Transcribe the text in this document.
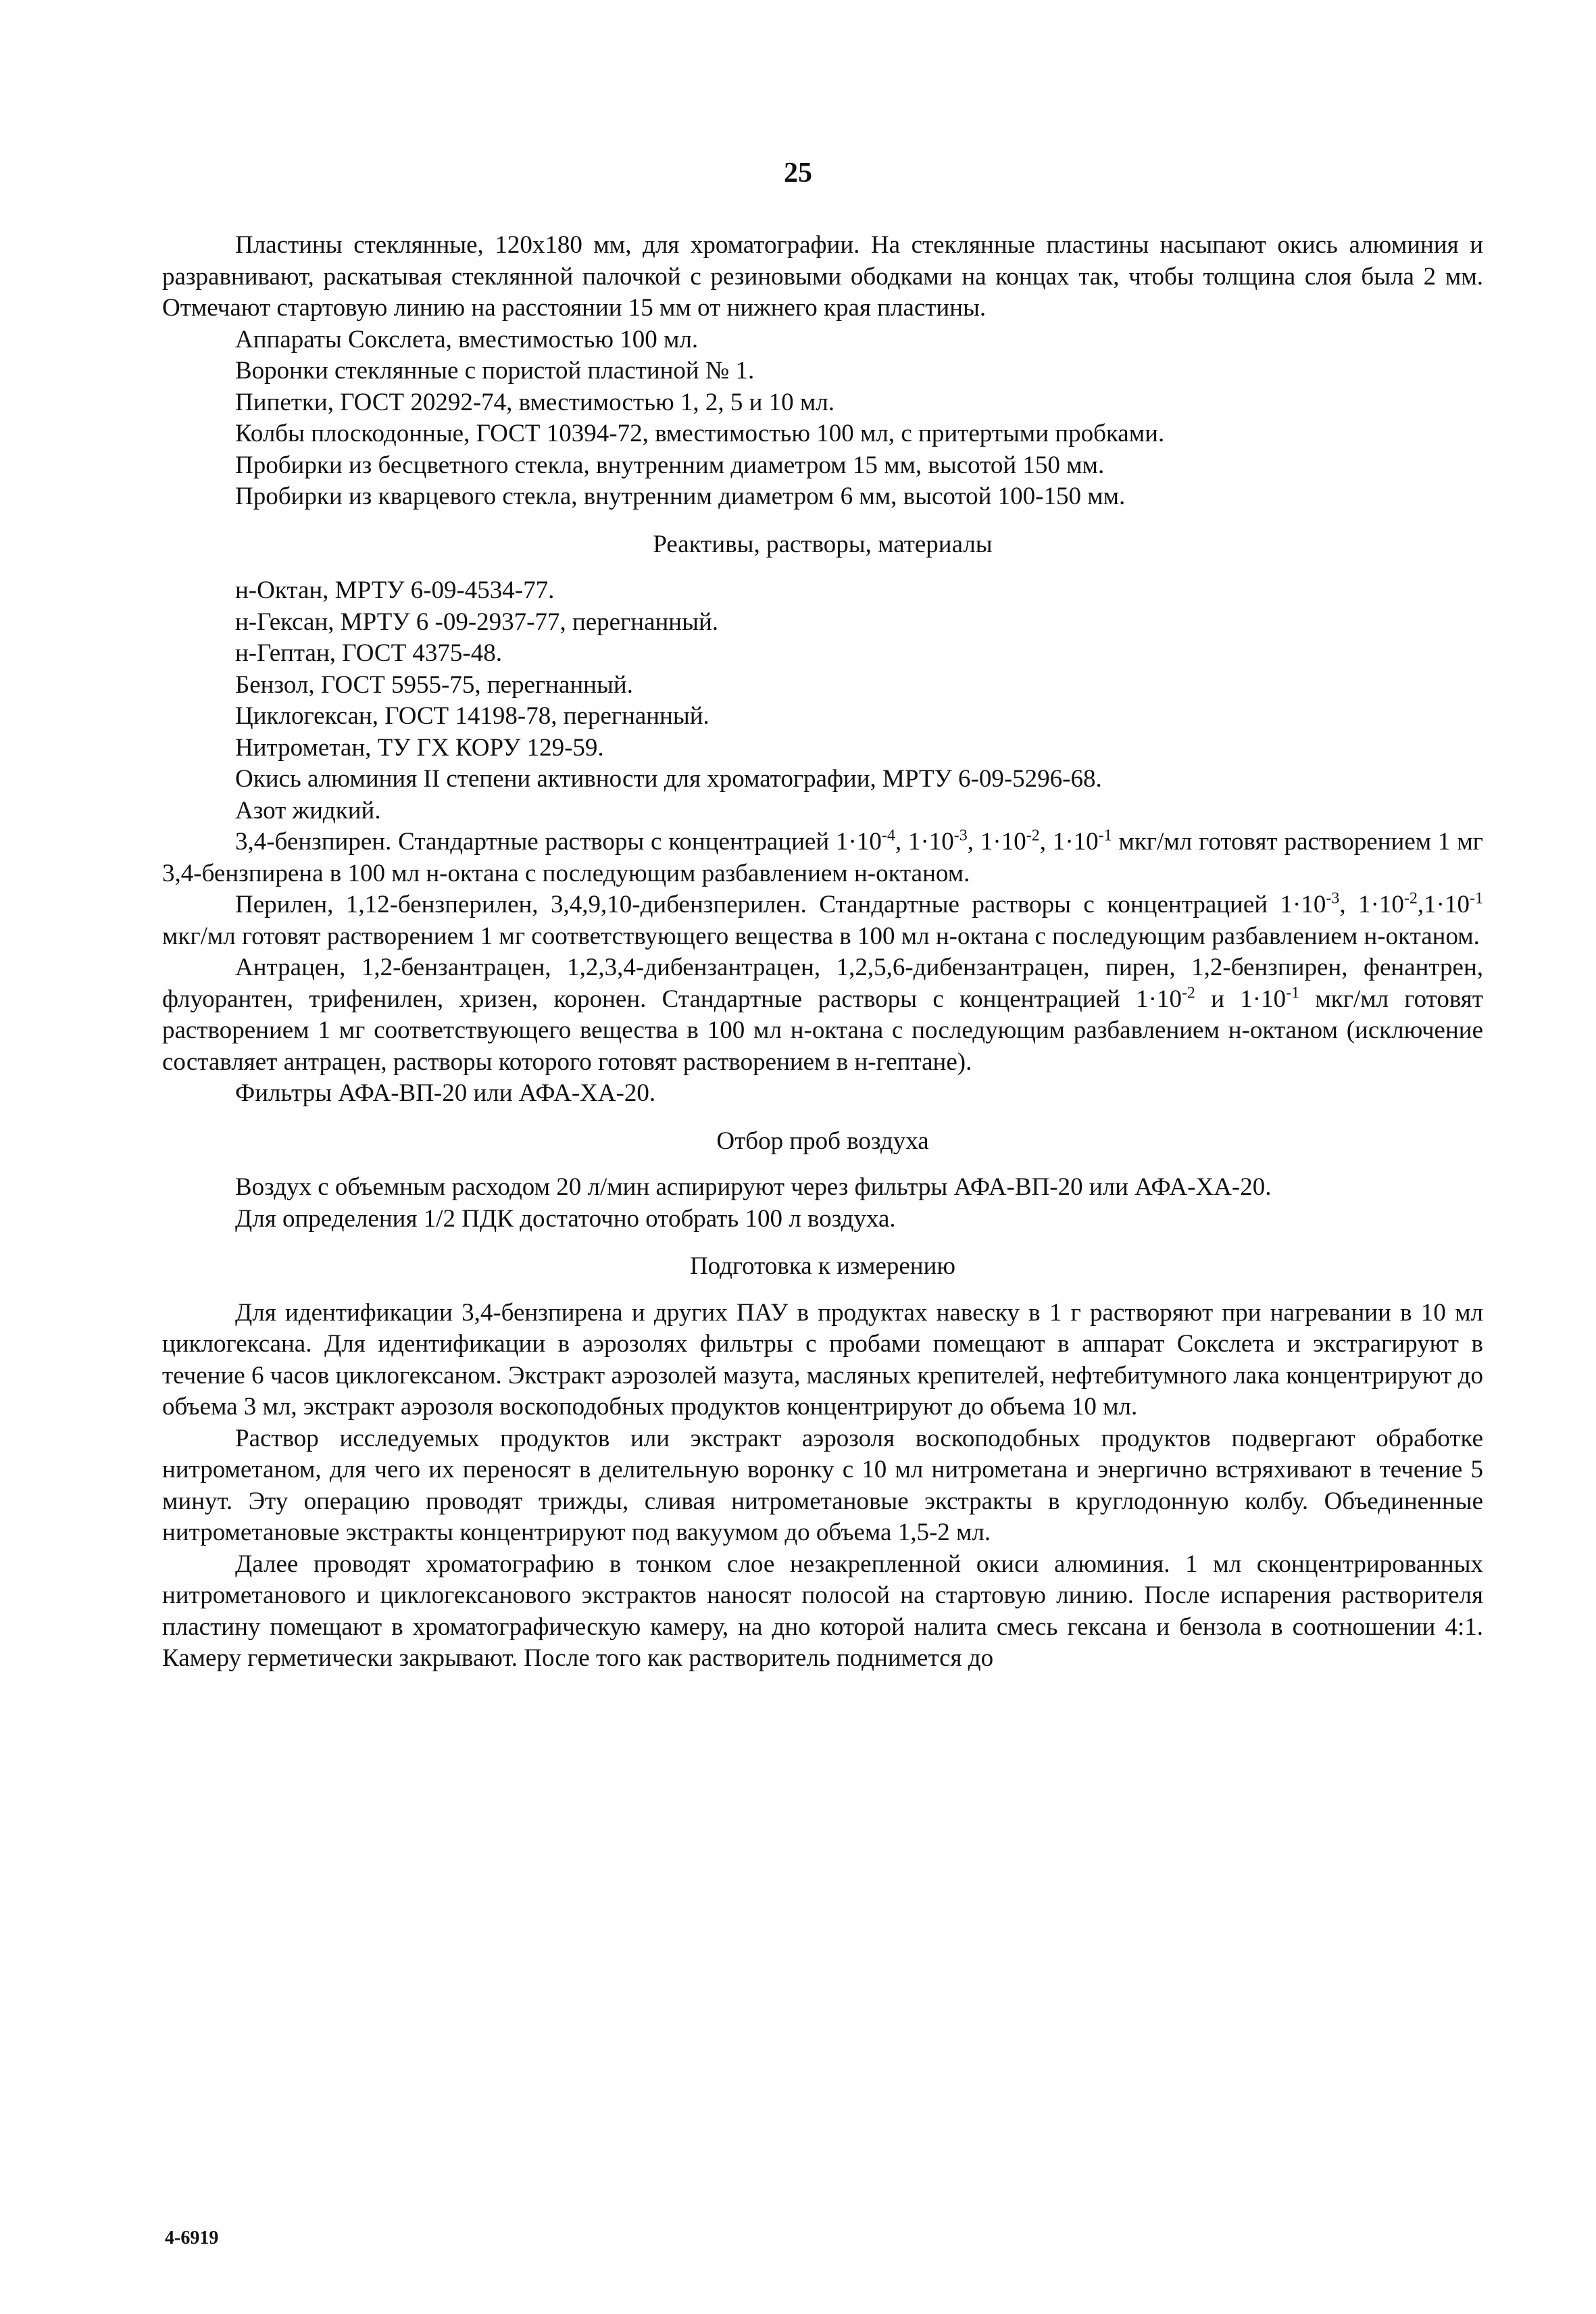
25

Пластины стеклянные, 120x180 мм, для хроматографии. На стеклянные пластины насыпают окись алюминия и разравнивают, раскатывая стеклянной палочкой с резиновыми ободками на концах так, чтобы толщина слоя была 2 мм. Отмечают стартовую линию на расстоянии 15 мм от нижнего края пластины.

Аппараты Сокслета, вместимостью 100 мл.

Воронки стеклянные с пористой пластиной № 1.

Пипетки, ГОСТ 20292-74, вместимостью 1, 2, 5 и 10 мл.

Колбы плоскодонные, ГОСТ 10394-72, вместимостью 100 мл, с притертыми пробками.

Пробирки из бесцветного стекла, внутренним диаметром 15 мм, высотой 150 мм.

Пробирки из кварцевого стекла, внутренним диаметром 6 мм, высотой 100-150 мм.

Реактивы, растворы, материалы

н-Октан, МРТУ 6-09-4534-77.

н-Гексан, МРТУ 6 -09-2937-77, перегнанный.

н-Гептан, ГОСТ 4375-48.

Бензол, ГОСТ 5955-75, перегнанный.

Циклогексан, ГОСТ 14198-78, перегнанный.

Нитрометан, ТУ ГХ КОРУ 129-59.

Окись алюминия II степени активности для хроматографии, МРТУ 6-09-5296-68.

Азот жидкий.

3,4-бензпирен. Стандартные растворы с концентрацией $1\cdot 10^{-4}$, $1\cdot 10^{-3}$, $1\cdot 10^{-2}$, $1\cdot 10^{-1}$ мкг/мл готовят растворением 1 мг 3,4-бензпирена в 100 мл н-октана с последующим разбавлением н-октаном.

Перилен, 1,12-бензперилен, 3,4,9,10-дибензперилен. Стандартные растворы с концентрацией $1\cdot 10^{-3}$, $1\cdot 10^{-2},1\cdot 10^{-1}$ мкг/мл готовят растворением 1 мг соответствующего вещества в 100 мл н-октана с последующим разбавлением н-октаном.

Антрацен, 1,2-бензантрацен, 1,2,3,4-дибензантрацен, 1,2,5,6-дибензантрацен, пирен, 1,2-бензпирен, фенантрен, флуорантен, трифенилен, хризен, коронен. Стандартные растворы с концентрацией $1\cdot 10^{-2}$ и $1\cdot 10^{-1}$ мкг/мл готовят растворением 1 мг соответствующего вещества в 100 мл н-октана с последующим разбавлением н-октаном (исключение составляет антрацен, растворы которого готовят растворением в н-гептане).

Фильтры АФА-ВП-20 или АФА-ХА-20.

Отбор проб воздуха

Воздух с объемным расходом 20 л/мин аспирируют через фильтры АФА-ВП-20 или АФА-ХА-20.

Для определения 1/2 ПДК достаточно отобрать 100 л воздуха.

Подготовка к измерению

Для идентификации 3,4-бензпирена и других ПАУ в продуктах навеску в 1 г растворяют при нагревании в 10 мл циклогексана. Для идентификации в аэрозолях фильтры с пробами помещают в аппарат Сокслета и экстрагируют в течение 6 часов циклогексаном. Экстракт аэрозолей мазута, масляных крепителей, нефтебитумного лака концентрируют до объема 3 мл, экстракт аэрозоля воскоподобных продуктов концентрируют до объема 10 мл.

Раствор исследуемых продуктов или экстракт аэрозоля воскоподобных продуктов подвергают обработке нитрометаном, для чего их переносят в делительную воронку с 10 мл нитрометана и энергично встряхивают в течение 5 минут. Эту операцию проводят трижды, сливая нитрометановые экстракты в круглодонную колбу. Объединенные нитрометановые экстракты концентрируют под вакуумом до объема 1,5-2 мл.

Далее проводят хроматографию в тонком слое незакрепленной окиси алюминия. 1 мл сконцентрированных нитрометанового и циклогексанового экстрактов наносят полосой на стартовую линию. После испарения растворителя пластину помещают в хроматографическую камеру, на дно которой налита смесь гексана и бензола в соотношении 4:1. Камеру герметически закрывают. После того как растворитель поднимется до

4-6919
